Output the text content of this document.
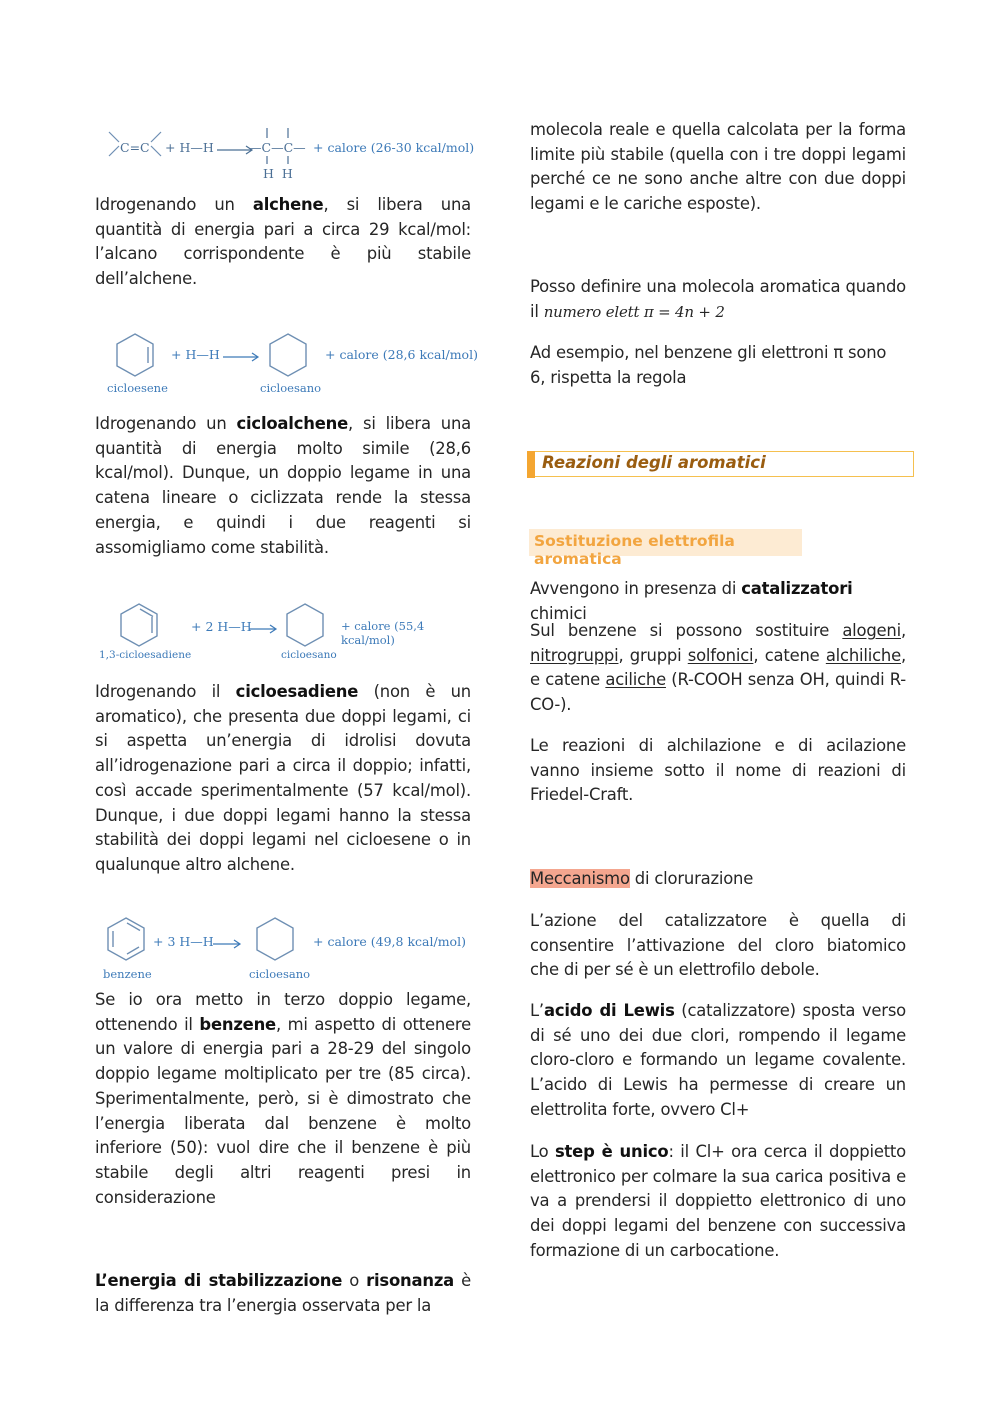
C=C + H—H	—C—C—
H  H
+ calore (26-30 kcal/mol)

Idrogenando un alchene, si libera una quantità di energia pari a circa 29 kcal/mol: l’alcano corrispondente è più stabile dell’alchene.

+ H—H	+ calore (28,6 kcal/mol)
cicloesene	cicloesano

Idrogenando un cicloalchene, si libera una quantità di energia molto simile (28,6 kcal/mol). Dunque, un doppio legame in una catena lineare o ciclizzata rende la stessa energia, e quindi i due reagenti si assomigliamo come stabilità.

+ 2 H—H	+ calore (55,4 kcal/mol)
1,3-cicloesadiene	cicloesano

Idrogenando il cicloesadiene (non è un aromatico), che presenta due doppi legami, ci si aspetta un’energia di idrolisi dovuta all’idrogenazione pari a circa il doppio; infatti, così accade sperimentalmente (57 kcal/mol). Dunque, i due doppi legami hanno la stessa stabilità dei doppi legami nel cicloesene o in qualunque altro alchene.

+ 3 H—H	+ calore (49,8 kcal/mol)
benzene	cicloesano

Se io ora metto in terzo doppio legame, ottenendo il benzene, mi aspetto di ottenere un valore di energia pari a 28-29 del singolo doppio legame moltiplicato per tre (85 circa). Sperimentalmente, però, si è dimostrato che l’energia liberata dal benzene è molto inferiore (50): vuol dire che il benzene è più stabile degli altri reagenti presi in considerazione

L’energia di stabilizzazione o risonanza è la differenza tra l’energia osservata per la

molecola reale e quella calcolata per la forma limite più stabile (quella con i tre doppi legami perché ce ne sono anche altre con due doppi legami e le cariche esposte).

Posso definire una molecola aromatica quando il numero elett π = 4n + 2

Ad esempio, nel benzene gli elettroni π sono 6, rispetta la regola

Reazioni degli aromatici
Sostituzione elettrofila aromatica

Avvengono in presenza di catalizzatori chimici

Sul benzene si possono sostituire alogeni, nitrogruppi, gruppi solfonici, catene alchiliche, e catene aciliche (R-COOH senza OH, quindi R-CO-).

Le reazioni di alchilazione e di acilazione vanno insieme sotto il nome di reazioni di Friedel-Craft.

Meccanismo di clorurazione

L’azione del catalizzatore è quella di consentire l’attivazione del cloro biatomico che di per sé è un elettrofilo debole.

L’acido di Lewis (catalizzatore) sposta verso di sé uno dei due clori, rompendo il legame cloro-cloro e formando un legame covalente. L’acido di Lewis ha permesse di creare un elettrolita forte, ovvero Cl+

Lo step è unico: il Cl+ ora cerca il doppietto elettronico per colmare la sua carica positiva e va a prendersi il doppietto elettronico di uno dei doppi legami del benzene con successiva formazione di un carbocatione.
